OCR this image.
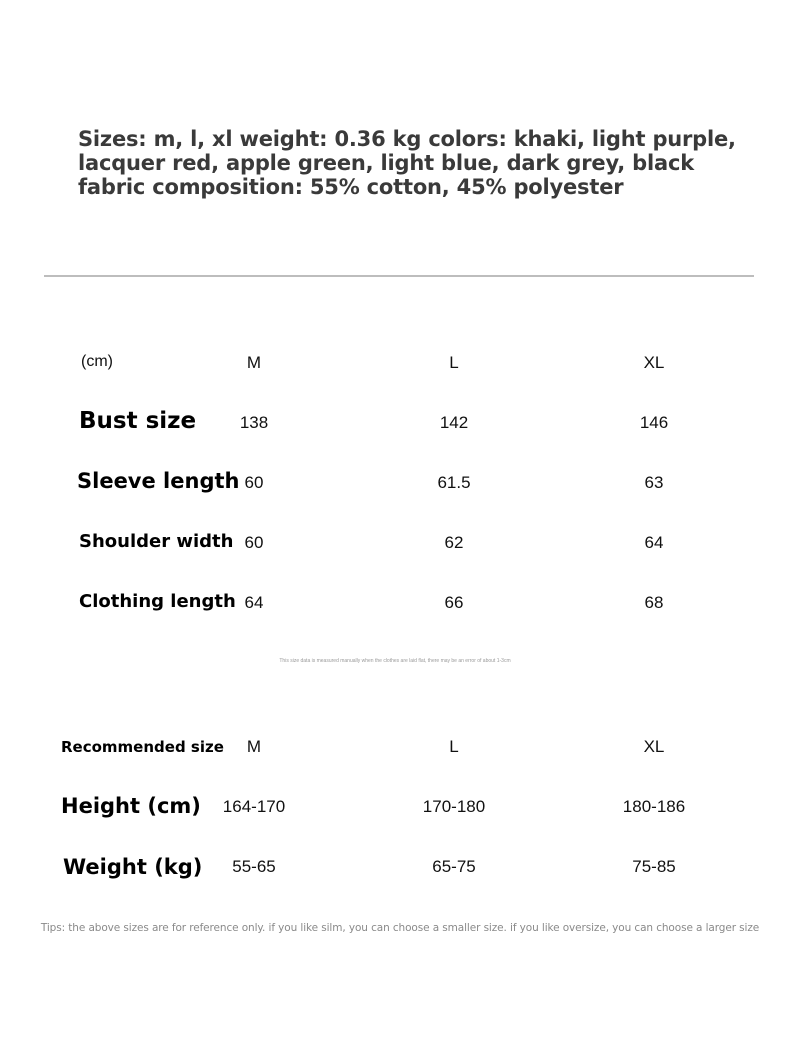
Sizes: m, l, xl weight: 0.36 kg colors: khaki, light purple,
lacquer red, apple green, light blue, dark grey, black
fabric composition: 55% cotton, 45% polyester
(cm)	M	L	XL
Bust size	138	142	146
Sleeve length 60	61.5	63
Shoulder width 60	62	64
Clothing length 64	66	68
This size data is measured manually when the clothes are laid flat, there may be an error of about 1-3cm
Recommended size	M	L	XL
Height (cm)	164-170	170-180	180-186
Weight (kg)	55-65	65-75	75-85
Tips: the above sizes are for reference only. if you like silm, you can choose a smaller size. if you like oversize, you can choose a larger size
